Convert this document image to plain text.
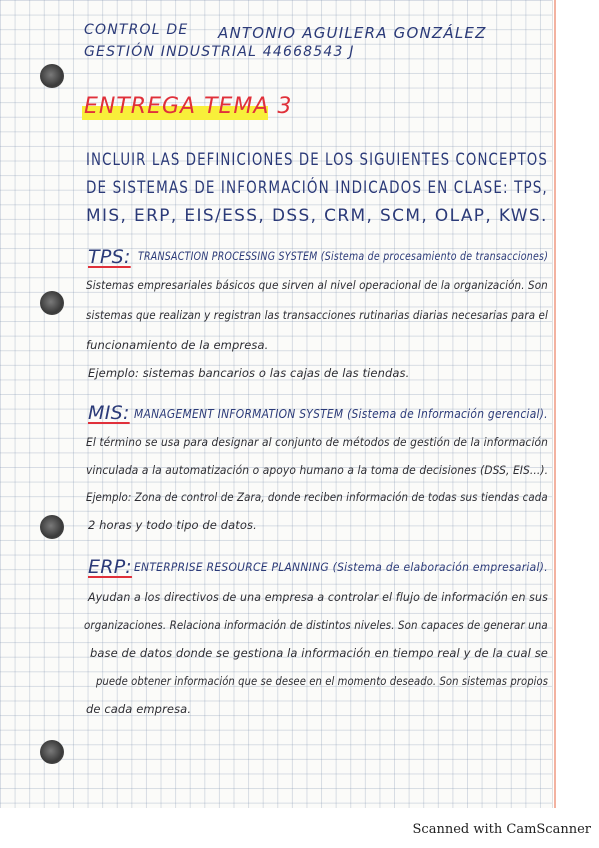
CONTROL DE ANTONIO AGUILERA GONZÁLEZ
GESTIÓN INDUSTRIAL 44668543 J
ENTREGA TEMA 3
INCLUIR LAS DEFINICIONES DE LOS SIGUIENTES CONCEPTOS
DE SISTEMAS DE INFORMACIÓN INDICADOS EN CLASE: TPS,
MIS, ERP, EIS/ESS, DSS, CRM, SCM, OLAP, KWS.
TPS: TRANSACTION PROCESSING SYSTEM (Sistema de procesamiento de transacciones)
Sistemas empresariales básicos que sirven al nivel operacional de la organización. Son
sistemas que realizan y registran las transacciones rutinarias diarias necesarias para el
funcionamiento de la empresa.
Ejemplo: sistemas bancarios o las cajas de las tiendas.
MIS: MANAGEMENT INFORMATION SYSTEM (Sistema de Información gerencial).
El término se usa para designar al conjunto de métodos de gestión de la información
vinculada a la automatización o apoyo humano a la toma de decisiones (DSS, EIS...).
Ejemplo: Zona de control de Zara, donde reciben información de todas sus tiendas cada
2 horas y todo tipo de datos.
ERP: ENTERPRISE RESOURCE PLANNING (Sistema de elaboración empresarial).
Ayudan a los directivos de una empresa a controlar el flujo de información en sus
organizaciones. Relaciona información de distintos niveles. Son capaces de generar una
base de datos donde se gestiona la información en tiempo real y de la cual se
puede obtener información que se desee en el momento deseado. Son sistemas propios
de cada empresa.
Scanned with CamScanner
